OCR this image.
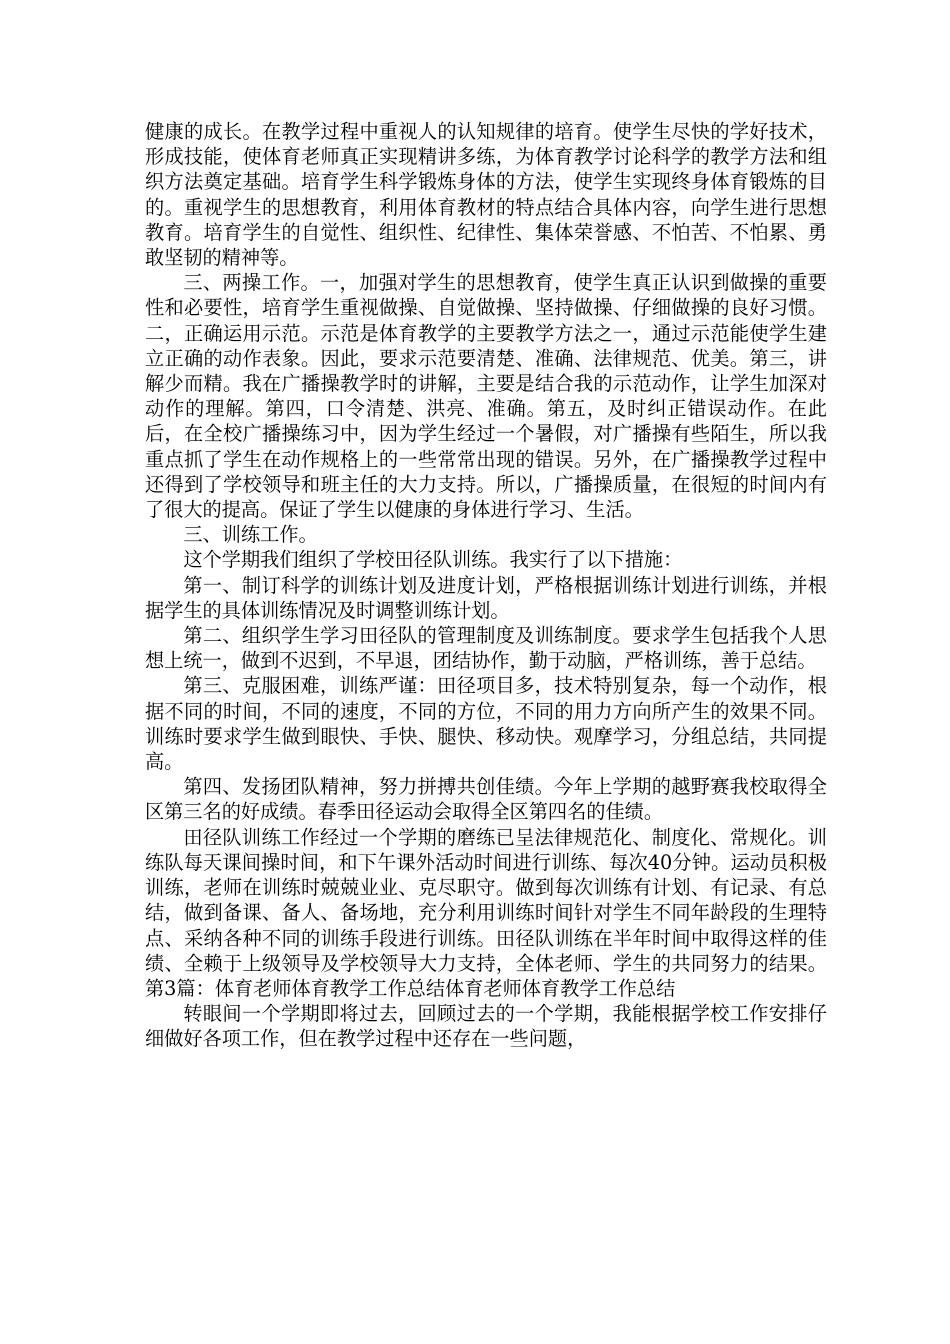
健康的成长。在教学过程中重视人的认知规律的培育。使学生尽快的学好技术，形成技能，使体育老师真正实现精讲多练，为体育教学讨论科学的教学方法和组织方法奠定基础。培育学生科学锻炼身体的方法，使学生实现终身体育锻炼的目的。重视学生的思想教育，利用体育教材的特点结合具体内容，向学生进行思想教育。培育学生的自觉性、组织性、纪律性、集体荣誉感、不怕苦、不怕累、勇敢坚韧的精神等。

三、两操工作。一，加强对学生的思想教育，使学生真正认识到做操的重要性和必要性，培育学生重视做操、自觉做操、坚持做操、仔细做操的良好习惯。二，正确运用示范。示范是体育教学的主要教学方法之一，通过示范能使学生建立正确的动作表象。因此，要求示范要清楚、准确、法律规范、优美。第三，讲解少而精。我在广播操教学时的讲解，主要是结合我的示范动作，让学生加深对动作的理解。第四，口令清楚、洪亮、准确。第五，及时纠正错误动作。在此后，在全校广播操练习中，因为学生经过一个暑假，对广播操有些陌生，所以我重点抓了学生在动作规格上的一些常常出现的错误。另外，在广播操教学过程中还得到了学校领导和班主任的大力支持。所以，广播操质量，在很短的时间内有了很大的提高。保证了学生以健康的身体进行学习、生活。

三、训练工作。

这个学期我们组织了学校田径队训练。我实行了以下措施：

第一、制订科学的训练计划及进度计划，严格根据训练计划进行训练，并根据学生的具体训练情况及时调整训练计划。

第二、组织学生学习田径队的管理制度及训练制度。要求学生包括我个人思想上统一，做到不迟到，不早退，团结协作，勤于动脑，严格训练，善于总结。

第三、克服困难，训练严谨：田径项目多，技术特别复杂，每一个动作，根据不同的时间，不同的速度，不同的方位，不同的用力方向所产生的效果不同。训练时要求学生做到眼快、手快、腿快、移动快。观摩学习，分组总结，共同提高。

第四、发扬团队精神，努力拼搏共创佳绩。今年上学期的越野赛我校取得全区第三名的好成绩。春季田径运动会取得全区第四名的佳绩。

田径队训练工作经过一个学期的磨练已呈法律规范化、制度化、常规化。训练队每天课间操时间，和下午课外活动时间进行训练、每次40分钟。运动员积极训练，老师在训练时兢兢业业、克尽职守。做到每次训练有计划、有记录、有总结，做到备课、备人、备场地，充分利用训练时间针对学生不同年龄段的生理特点、采纳各种不同的训练手段进行训练。田径队训练在半年时间中取得这样的佳绩、全赖于上级领导及学校领导大力支持，全体老师、学生的共同努力的结果。第3篇：体育老师体育教学工作总结体育老师体育教学工作总结

转眼间一个学期即将过去，回顾过去的一个学期，我能根据学校工作安排仔细做好各项工作，但在教学过程中还存在一些问题，
